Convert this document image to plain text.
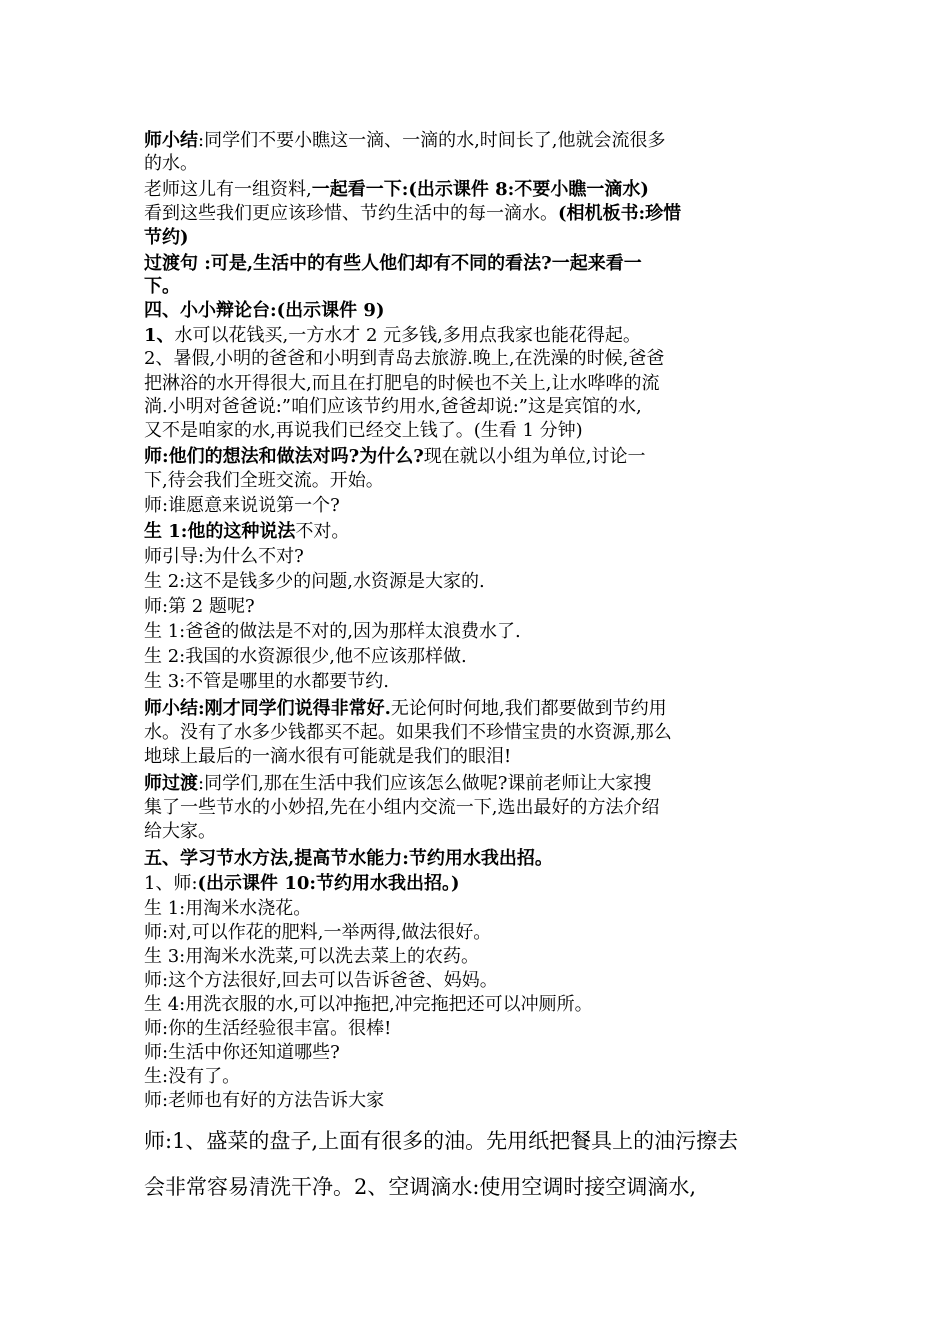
师小结:同学们不要小瞧这一滴、一滴的水,时间长了,他就会流很多
的水。
老师这儿有一组资料,一起看一下:(出示课件 8:不要小瞧一滴水)
看到这些我们更应该珍惜、节约生活中的每一滴水。(相机板书:珍惜
节约)
过渡句 :可是,生活中的有些人他们却有不同的看法?一起来看一
下。
四、小小辩论台:(出示课件 9)
1、水可以花钱买,一方水才 2 元多钱,多用点我家也能花得起。
2、暑假,小明的爸爸和小明到青岛去旅游.晚上,在洗澡的时候,爸爸
把淋浴的水开得很大,而且在打肥皂的时候也不关上,让水哗哗的流
淌.小明对爸爸说:”咱们应该节约用水,爸爸却说:”这是宾馆的水,
又不是咱家的水,再说我们已经交上钱了。(生看 1 分钟)
师:他们的想法和做法对吗?为什么?现在就以小组为单位,讨论一
下,待会我们全班交流。开始。
师:谁愿意来说说第一个?
生 1:他的这种说法不对。
师引导:为什么不对?
生 2:这不是钱多少的问题,水资源是大家的.
师:第 2 题呢?
生 1:爸爸的做法是不对的,因为那样太浪费水了.
生 2:我国的水资源很少,他不应该那样做.
生 3:不管是哪里的水都要节约.
师小结:刚才同学们说得非常好.无论何时何地,我们都要做到节约用
水。没有了水多少钱都买不起。如果我们不珍惜宝贵的水资源,那么
地球上最后的一滴水很有可能就是我们的眼泪!
师过渡:同学们,那在生活中我们应该怎么做呢?课前老师让大家搜
集了一些节水的小妙招,先在小组内交流一下,选出最好的方法介绍
给大家。
五、学习节水方法,提高节水能力:节约用水我出招。
1、师:(出示课件 10:节约用水我出招。)
生 1:用淘米水浇花。
师:对,可以作花的肥料,一举两得,做法很好。
生 3:用淘米水洗菜,可以洗去菜上的农药。
师:这个方法很好,回去可以告诉爸爸、妈妈。
生 4:用洗衣服的水,可以冲拖把,冲完拖把还可以冲厕所。
师:你的生活经验很丰富。很棒!
师:生活中你还知道哪些?
生:没有了。
师:老师也有好的方法告诉大家
师:1、盛菜的盘子,上面有很多的油。先用纸把餐具上的油污擦去
会非常容易清洗干净。2、空调滴水:使用空调时接空调滴水,
